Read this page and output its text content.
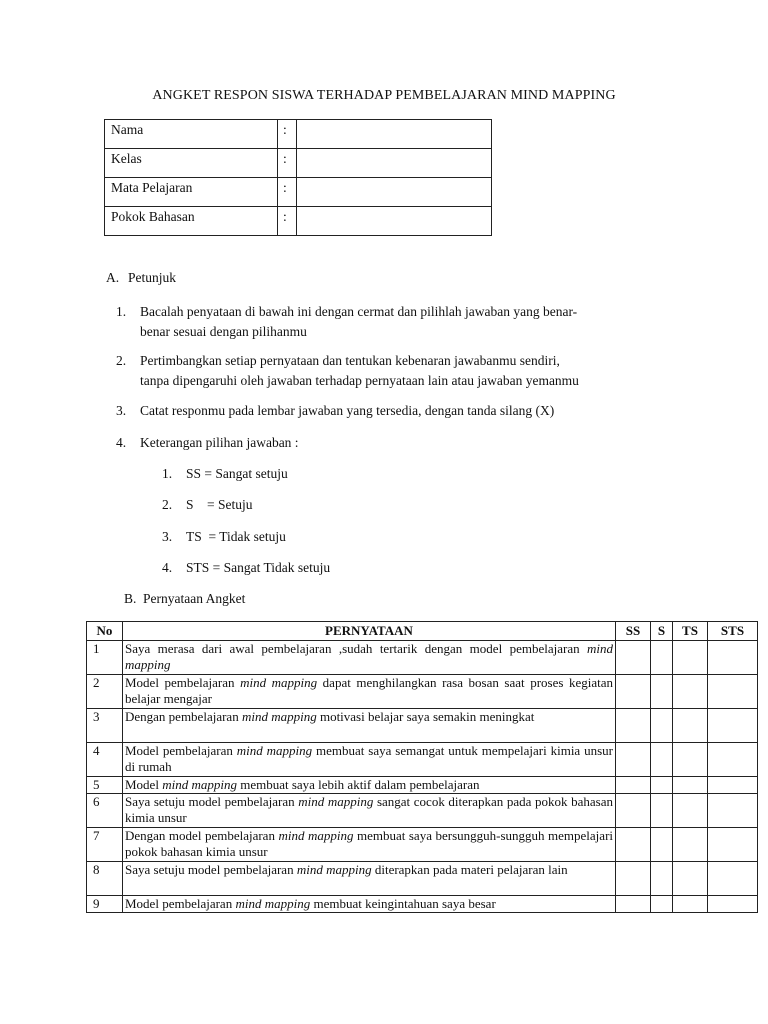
ANGKET RESPON SISWA TERHADAP PEMBELAJARAN MIND MAPPING
Nama	:	
Kelas	:	
Mata Pelajaran	:	
Pokok Bahasan	:	
A. Petunjuk
1. Bacalah penyataan di bawah ini dengan cermat dan pilihlah jawaban yang benar-
benar sesuai dengan pilihanmu
2. Pertimbangkan setiap pernyataan dan tentukan kebenaran jawabanmu sendiri,
tanpa dipengaruhi oleh jawaban terhadap pernyataan lain atau jawaban yemanmu
3. Catat responmu pada lembar jawaban yang tersedia, dengan tanda silang (X)
4. Keterangan pilihan jawaban :
1. SS = Sangat setuju
2. S    = Setuju
3. TS  = Tidak setuju
4. STS = Sangat Tidak setuju
B. Pernyataan Angket
No	PERNYATAAN	SS	S	TS	STS
1	Saya merasa dari awal pembelajaran ,sudah tertarik dengan model pembelajaran mind mapping				
2	Model pembelajaran mind mapping dapat menghilangkan rasa bosan saat proses kegiatan belajar mengajar				
3	Dengan pembelajaran mind mapping motivasi belajar saya semakin meningkat				
4	Model pembelajaran mind mapping membuat saya semangat untuk mempelajari kimia unsur di rumah				
5	Model mind mapping membuat saya lebih aktif dalam pembelajaran				
6	Saya setuju model pembelajaran mind mapping sangat cocok diterapkan pada pokok bahasan kimia unsur				
7	Dengan model pembelajaran mind mapping membuat saya bersungguh-sungguh mempelajari pokok bahasan kimia unsur				
8	Saya setuju model pembelajaran mind mapping diterapkan pada materi pelajaran lain				
9	Model pembelajaran mind mapping membuat keingintahuan saya besar				
